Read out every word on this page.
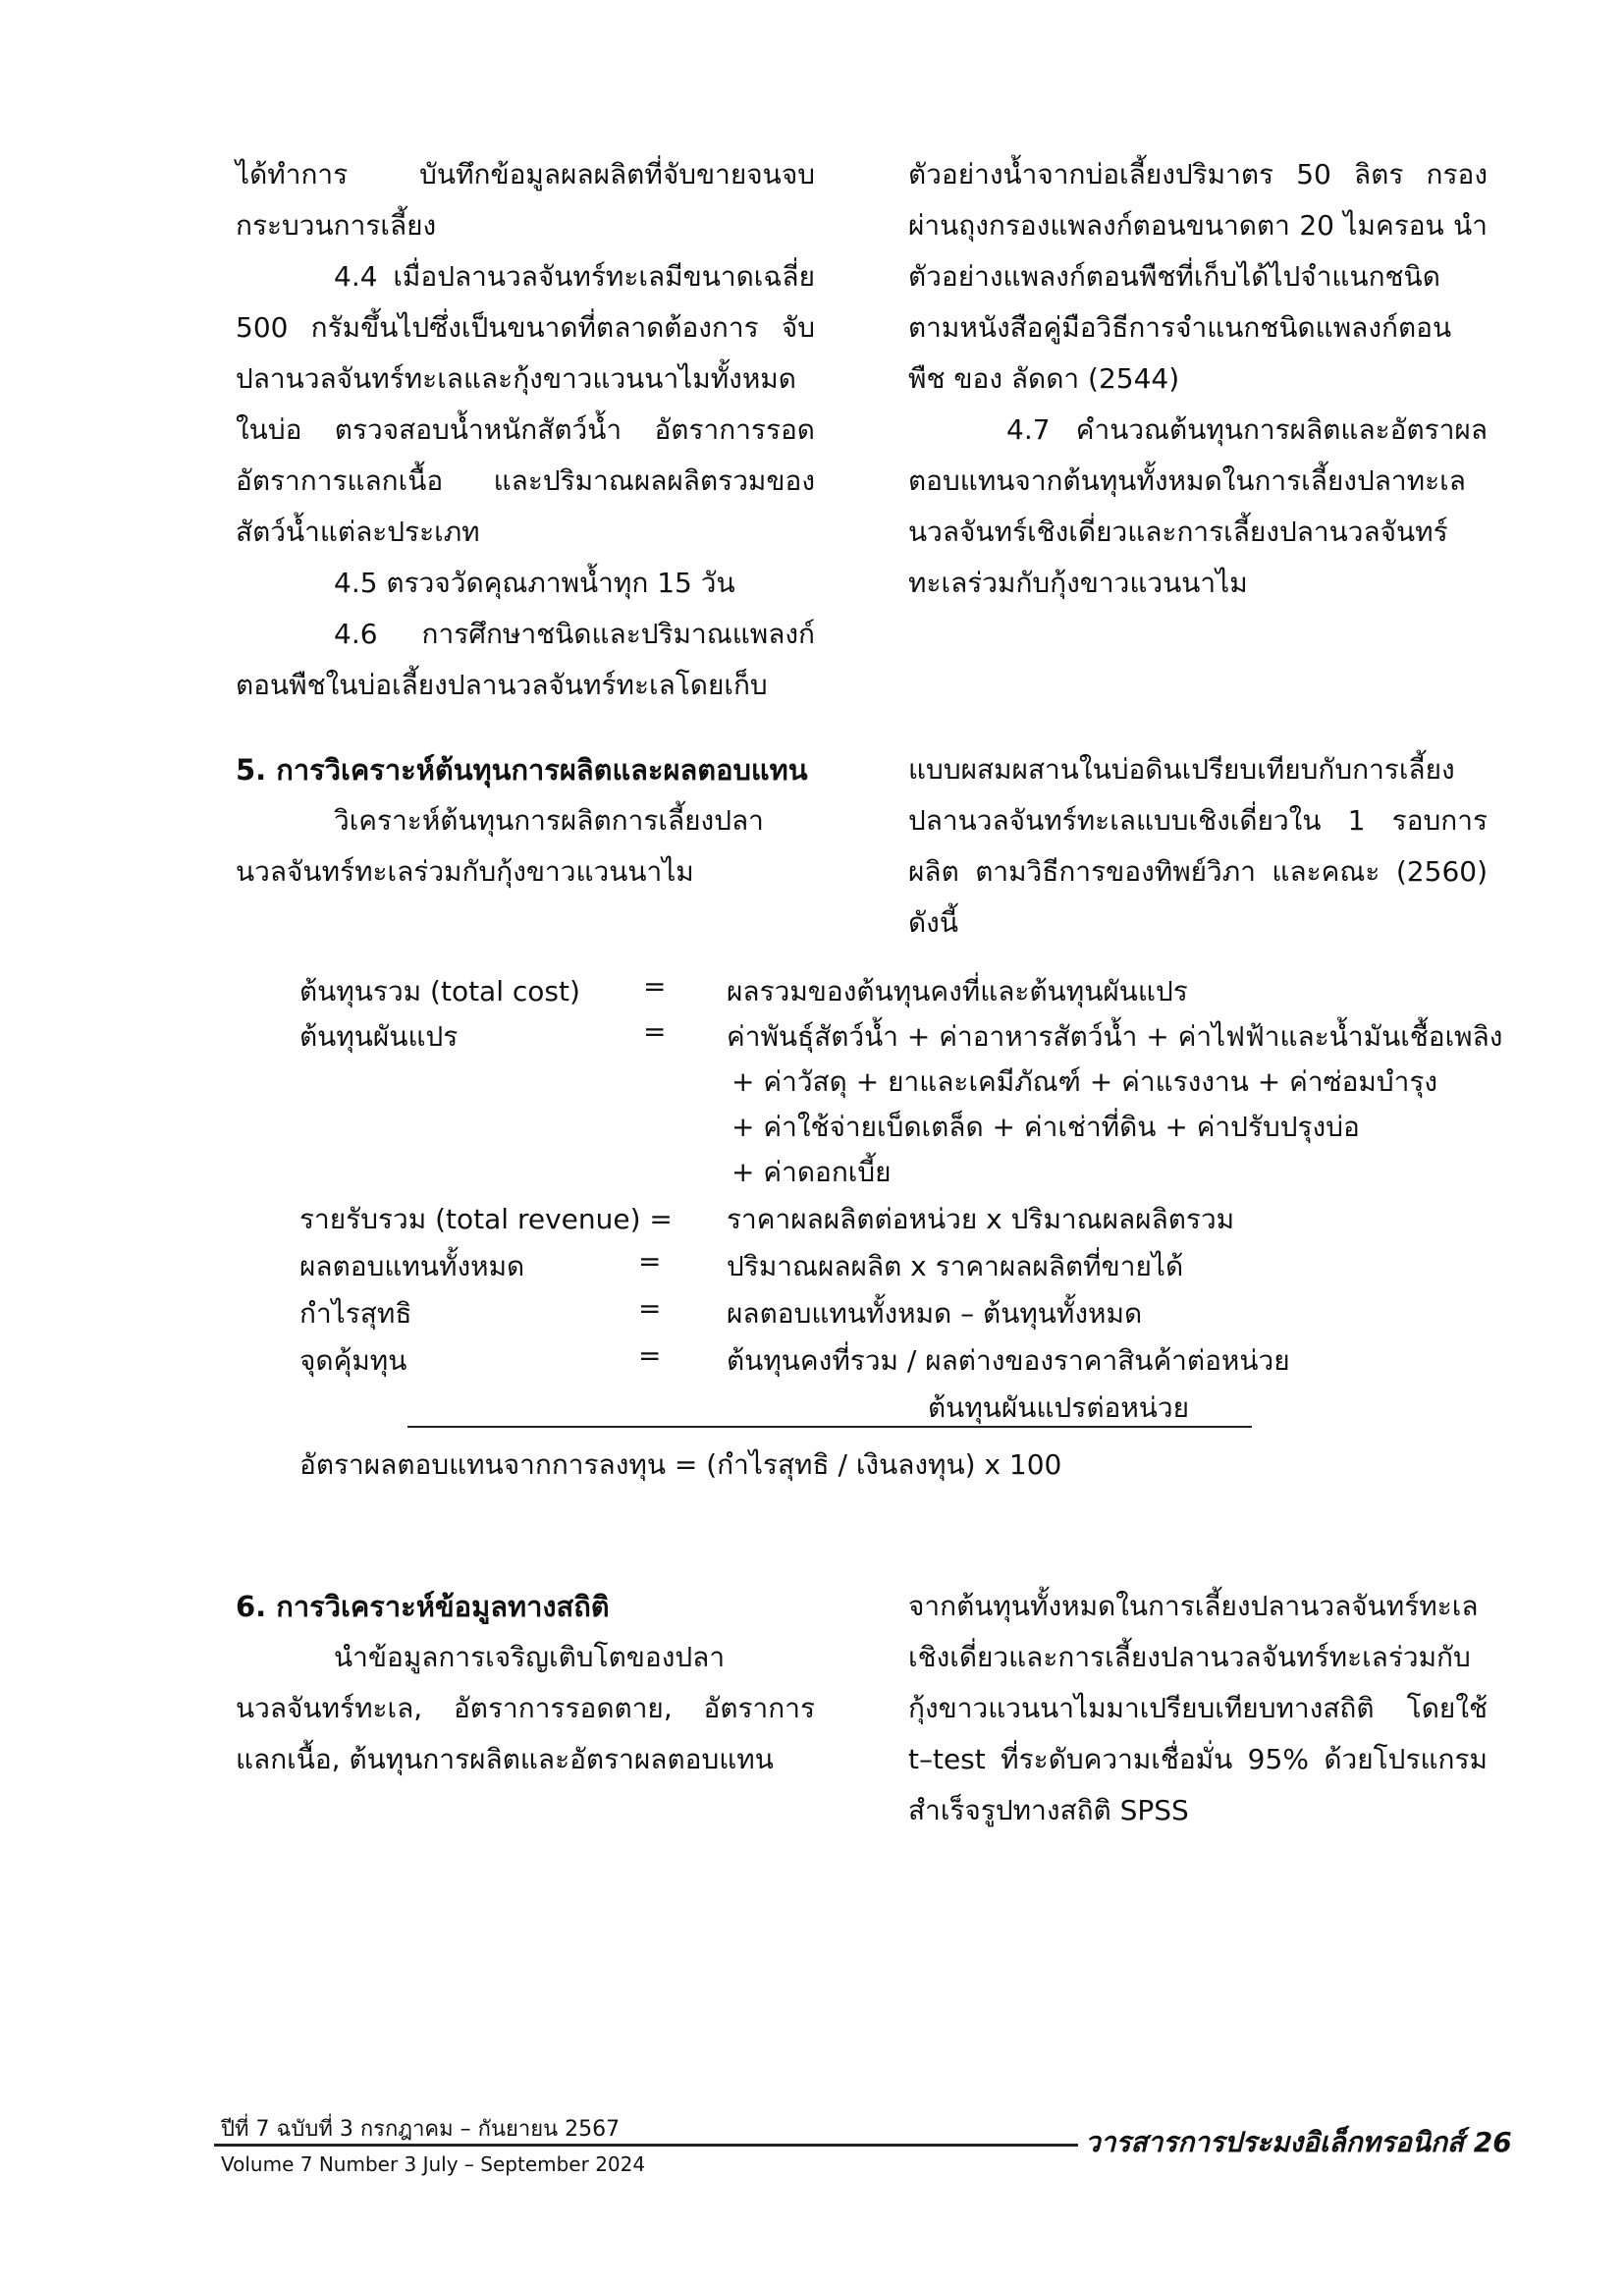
ได้ทำการ บันทึกข้อมูลผลผลิตที่จับขายจนจบกระบวนการเลี้ยง

4.4 เมื่อปลานวลจันทร์ทะเลมีขนาดเฉลี่ย 500 กรัมขึ้นไปซึ่งเป็นขนาดที่ตลาดต้องการ จับปลานวลจันทร์ทะเลและกุ้งขาวแวนนาไมทั้งหมดในบ่อ ตรวจสอบน้ำหนักสัตว์น้ำ อัตราการรอด อัตราการแลกเนื้อ และปริมาณผลผลิตรวมของสัตว์น้ำแต่ละประเภท

4.5 ตรวจวัดคุณภาพน้ำทุก 15 วัน

4.6 การศึกษาชนิดและปริมาณแพลงก์ตอนพืชในบ่อเลี้ยงปลานวลจันทร์ทะเลโดยเก็บ

ตัวอย่างน้ำจากบ่อเลี้ยงปริมาตร 50 ลิตร กรองผ่านถุงกรองแพลงก์ตอนขนาดตา 20 ไมครอน นำตัวอย่างแพลงก์ตอนพืชที่เก็บได้ไปจำแนกชนิดตามหนังสือคู่มือวิธีการจำแนกชนิดแพลงก์ตอนพืช ของ ลัดดา (2544)

4.7 คำนวณต้นทุนการผลิตและอัตราผลตอบแทนจากต้นทุนทั้งหมดในการเลี้ยงปลาทะเลนวลจันทร์เชิงเดี่ยวและการเลี้ยงปลานวลจันทร์ทะเลร่วมกับกุ้งขาวแวนนาไม

5. การวิเคราะห์ต้นทุนการผลิตและผลตอบแทน

วิเคราะห์ต้นทุนการผลิตการเลี้ยงปลานวลจันทร์ทะเลร่วมกับกุ้งขาวแวนนาไม

แบบผสมผสานในบ่อดินเปรียบเทียบกับการเลี้ยงปลานวลจันทร์ทะเลแบบเชิงเดี่ยวใน 1 รอบการผลิต ตามวิธีการของทิพย์วิภา และคณะ (2560) ดังนี้

ต้นทุนรวม (total cost) = ผลรวมของต้นทุนคงที่และต้นทุนผันแปร
ต้นทุนผันแปร	= ค่าพันธุ์สัตว์น้ำ + ค่าอาหารสัตว์น้ำ + ค่าไฟฟ้าและน้ำมันเชื้อเพลิง
+ ค่าวัสดุ + ยาและเคมีภัณฑ์ + ค่าแรงงาน + ค่าซ่อมบำรุง
+ ค่าใช้จ่ายเบ็ดเตล็ด + ค่าเช่าที่ดิน + ค่าปรับปรุงบ่อ
+ ค่าดอกเบี้ย
รายรับรวม (total revenue) = ราคาผลผลิตต่อหน่วย x ปริมาณผลผลิตรวม
ผลตอบแทนทั้งหมด	= ปริมาณผลผลิต x ราคาผลผลิตที่ขายได้
กำไรสุทธิ	= ผลตอบแทนทั้งหมด – ต้นทุนทั้งหมด
จุดคุ้มทุน	= ต้นทุนคงที่รวม / ผลต่างของราคาสินค้าต่อหน่วย
ต้นทุนผันแปรต่อหน่วย
อัตราผลตอบแทนจากการลงทุน = (กำไรสุทธิ / เงินลงทุน) x 100

6. การวิเคราะห์ข้อมูลทางสถิติ

นำข้อมูลการเจริญเติบโตของปลานวลจันทร์ทะเล, อัตราการรอดตาย, อัตราการแลกเนื้อ, ต้นทุนการผลิตและอัตราผลตอบแทน

จากต้นทุนทั้งหมดในการเลี้ยงปลานวลจันทร์ทะเลเชิงเดี่ยวและการเลี้ยงปลานวลจันทร์ทะเลร่วมกับกุ้งขาวแวนนาไมมาเปรียบเทียบทางสถิติ โดยใช้ t–test ที่ระดับความเชื่อมั่น 95% ด้วยโปรแกรมสำเร็จรูปทางสถิติ SPSS

ปีที่ 7 ฉบับที่ 3 กรกฎาคม – กันยายน 2567
Volume 7 Number 3 July – September 2024
วารสารการประมงอิเล็กทรอนิกส์ 26
